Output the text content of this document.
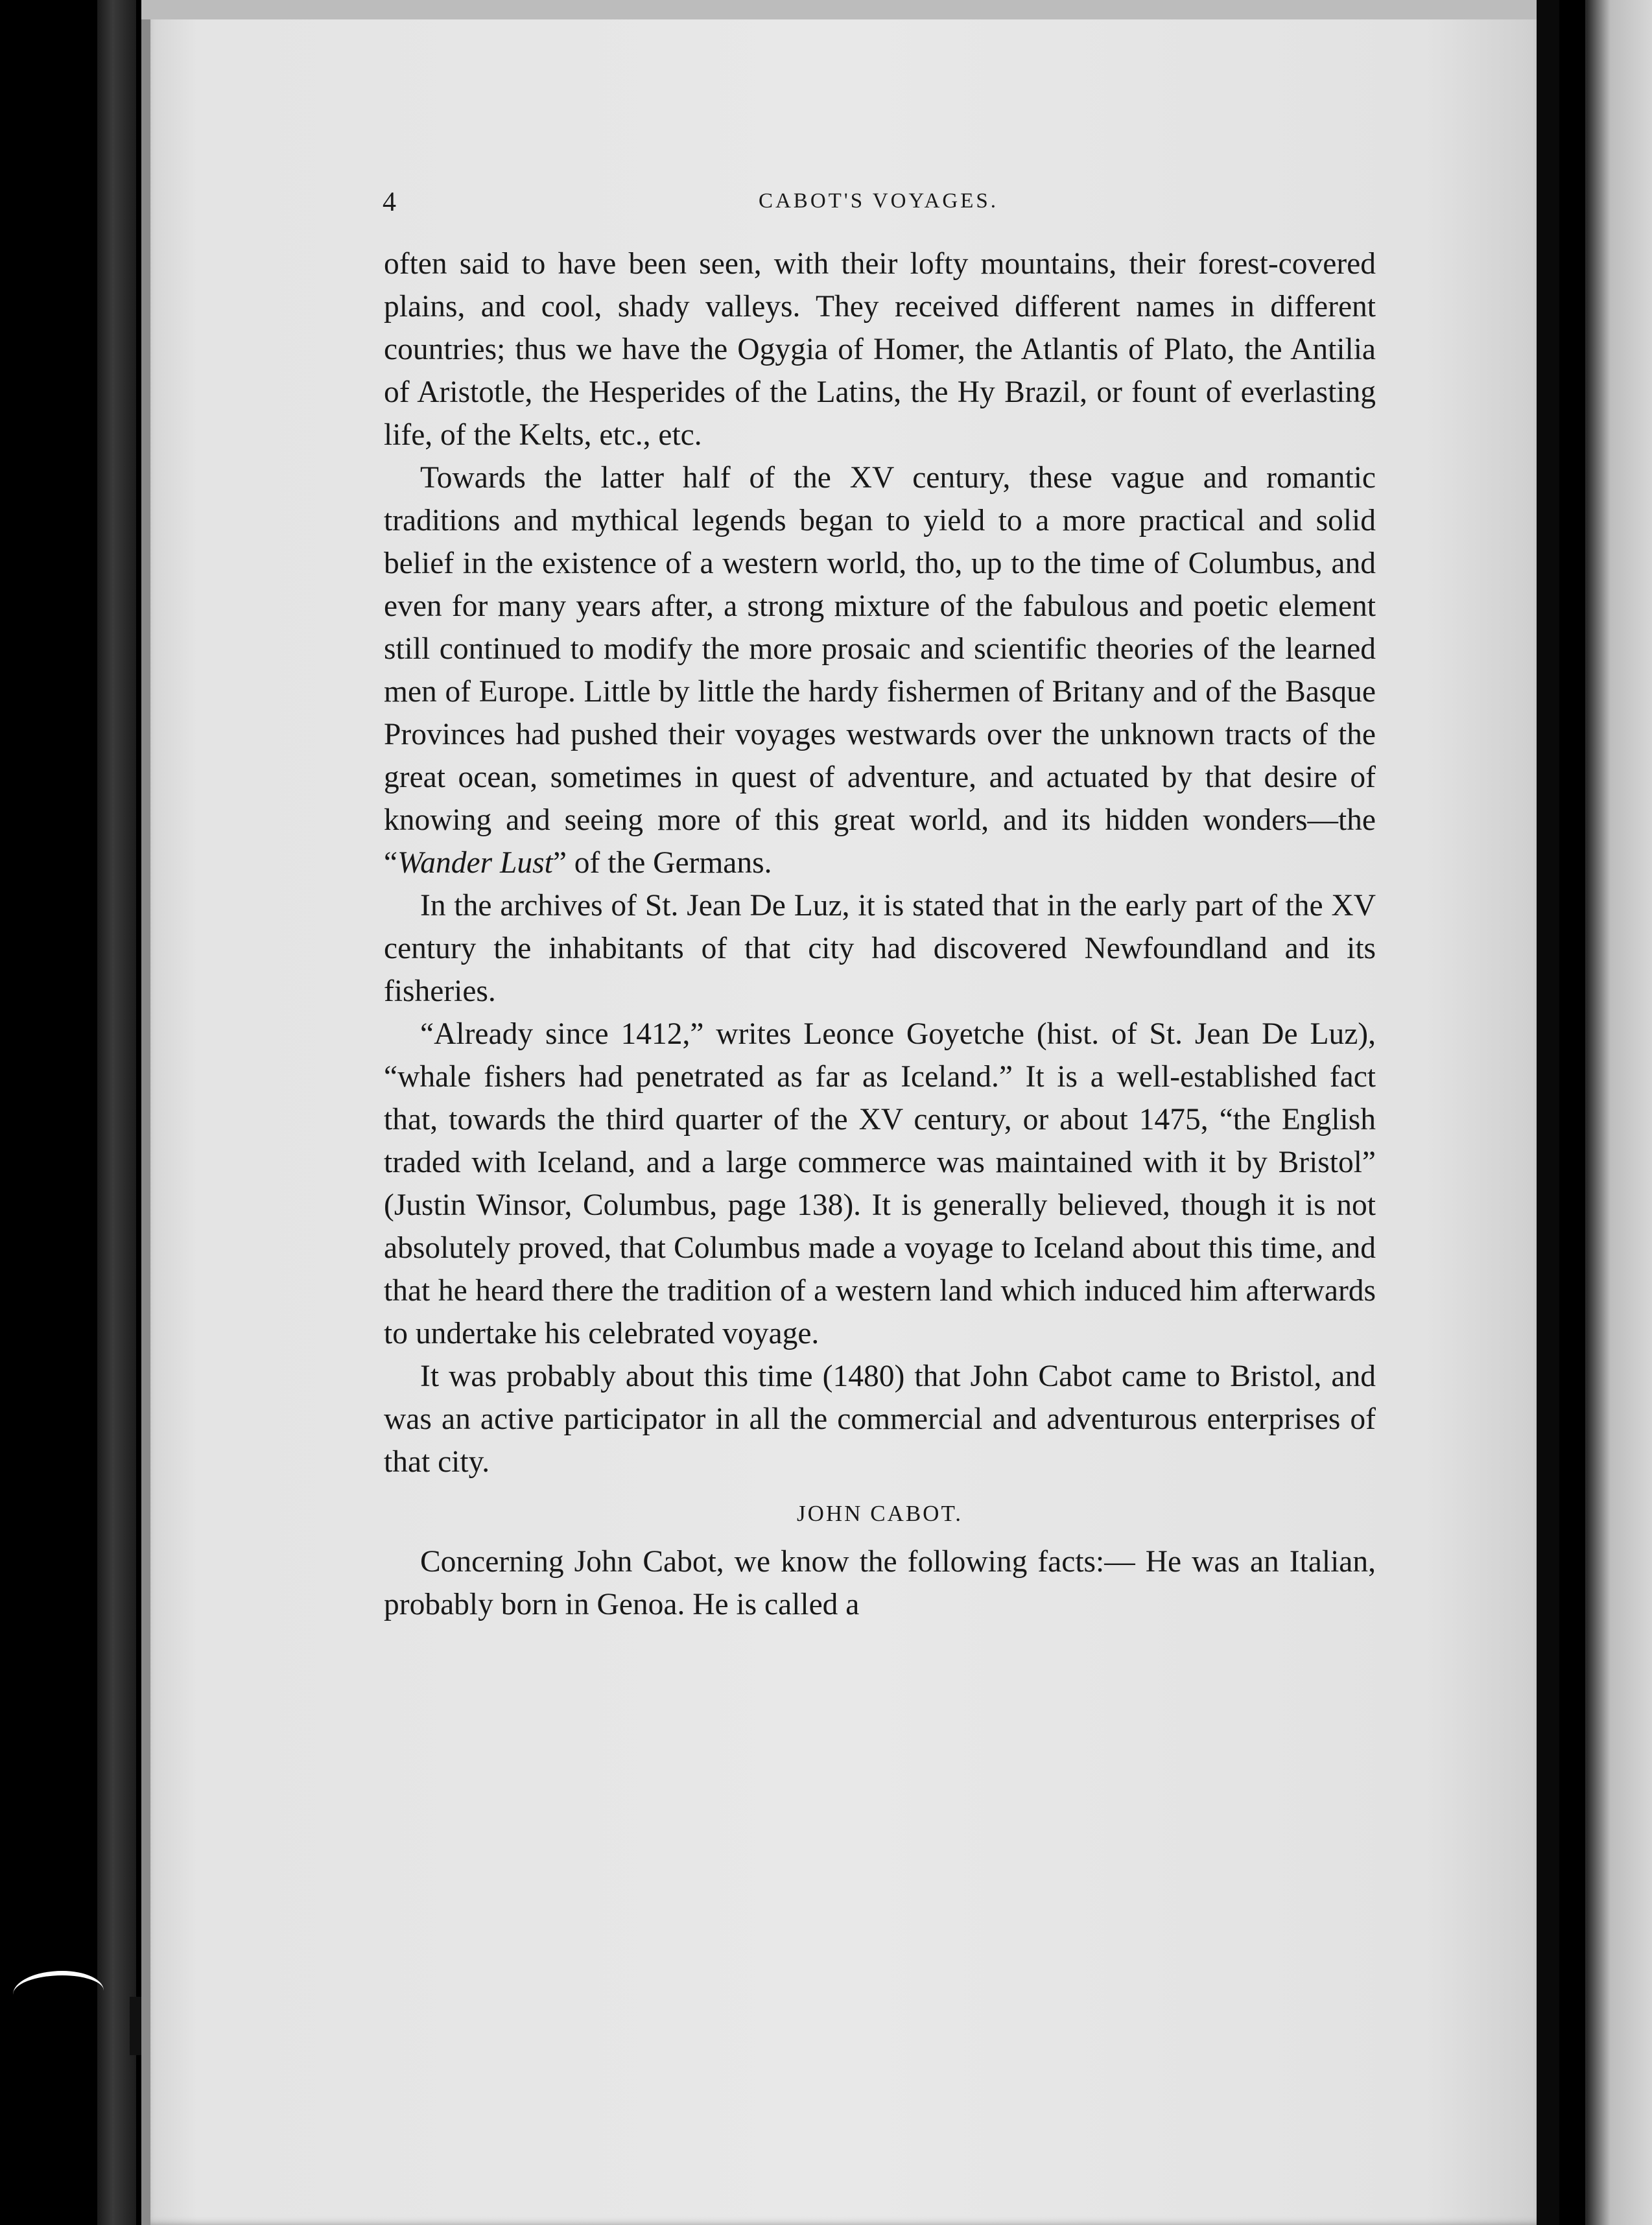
4	CABOT'S VOYAGES.

often said to have been seen, with their lofty mountains, their forest-covered plains, and cool, shady valleys. They received different names in different countries; thus we have the Ogygia of Homer, the Atlantis of Plato, the Antilia of Aristotle, the Hesperides of the Latins, the Hy Brazil, or fount of everlasting life, of the Kelts, etc., etc.

Towards the latter half of the XV century, these vague and romantic traditions and mythical legends began to yield to a more practical and solid belief in the existence of a western world, tho, up to the time of Columbus, and even for many years after, a strong mixture of the fabulous and poetic element still continued to modify the more prosaic and scientific theories of the learned men of Europe. Little by little the hardy fishermen of Britany and of the Basque Provinces had pushed their voyages westwards over the unknown tracts of the great ocean, sometimes in quest of adventure, and actuated by that desire of knowing and seeing more of this great world, and its hidden wonders—the “Wander Lust” of the Germans.

In the archives of St. Jean De Luz, it is stated that in the early part of the XV century the inhabitants of that city had discovered Newfoundland and its fisheries.

“Already since 1412,” writes Leonce Goyetche (hist. of St. Jean De Luz), “whale fishers had penetrated as far as Iceland.” It is a well-established fact that, towards the third quarter of the XV century, or about 1475, “the English traded with Iceland, and a large commerce was maintained with it by Bristol” (Justin Winsor, Columbus, page 138). It is generally believed, though it is not absolutely proved, that Columbus made a voyage to Iceland about this time, and that he heard there the tradition of a western land which induced him afterwards to undertake his celebrated voyage.

It was probably about this time (1480) that John Cabot came to Bristol, and was an active participator in all the commercial and adventurous enterprises of that city.

JOHN CABOT.

Concerning John Cabot, we know the following facts:— He was an Italian, probably born in Genoa. He is called a
